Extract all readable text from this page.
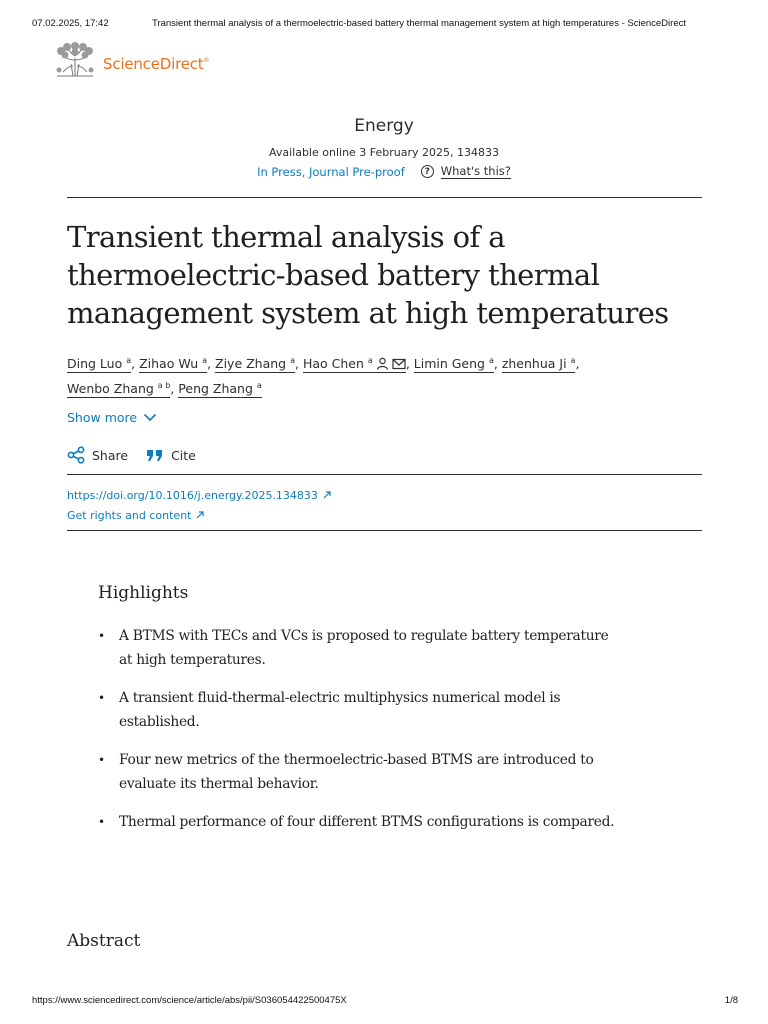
07.02.2025, 17:42	Transient thermal analysis of a thermoelectric-based battery thermal management system at high temperatures - ScienceDirect
ScienceDirect®
Energy
Available online 3 February 2025, 134833
In Press, Journal Pre-proof	? What's this?
Transient thermal analysis of a thermoelectric-based battery thermal management system at high temperatures
Ding Luo $^a$, Zihao Wu $^a$, Ziye Zhang $^a$, Hao Chen $^a$	, Limin Geng $^a$, zhenhua Ji $^a$,
Wenbo Zhang $^{a b}$, Peng Zhang $^a$
Show more
Share	Cite
https://doi.org/10.1016/j.energy.2025.134833
Get rights and content
Highlights
• A BTMS with TECs and VCs is proposed to regulate battery temperature at high temperatures.
• A transient fluid-thermal-electric multiphysics numerical model is established.
• Four new metrics of the thermoelectric-based BTMS are introduced to evaluate its thermal behavior.
• Thermal performance of four different BTMS configurations is compared.
Abstract
https://www.sciencedirect.com/science/article/abs/pii/S036054422500475X	1/8
